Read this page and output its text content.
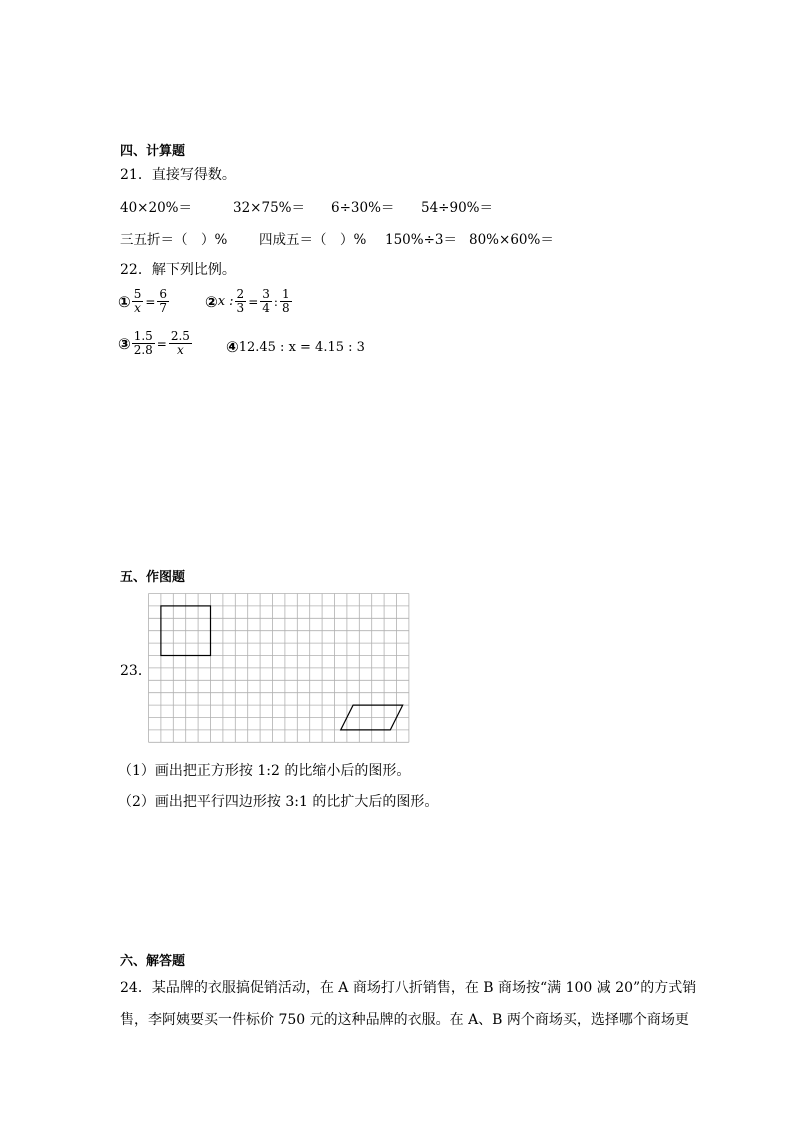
四、计算题
21．直接写得数。
40×20%＝	32×75%＝ 6÷30%＝ 54÷90%＝
三五折＝（　）% 四成五＝（　）% 150%÷3＝ 80%×60%＝
22．解下列比例。
① $\frac{5}{x} = \frac{6}{7}$ ② x : $\frac{2}{3} = \frac{3}{4}$ : $\frac{1}{8}$
③ $\frac{1.5}{2.8} = \frac{2.5}{x}$ ④ 12.45 : x = 4.15 : 3
五、作图题
23．
（1）画出把正方形按 1:2 的比缩小后的图形。
（2）画出把平行四边形按 3:1 的比扩大后的图形。
六、解答题
24．某品牌的衣服搞促销活动，在 A 商场打八折销售，在 B 商场按“满 100 减 20”的方式销
售，李阿姨要买一件标价 750 元的这种品牌的衣服。在 A、B 两个商场买，选择哪个商场更
